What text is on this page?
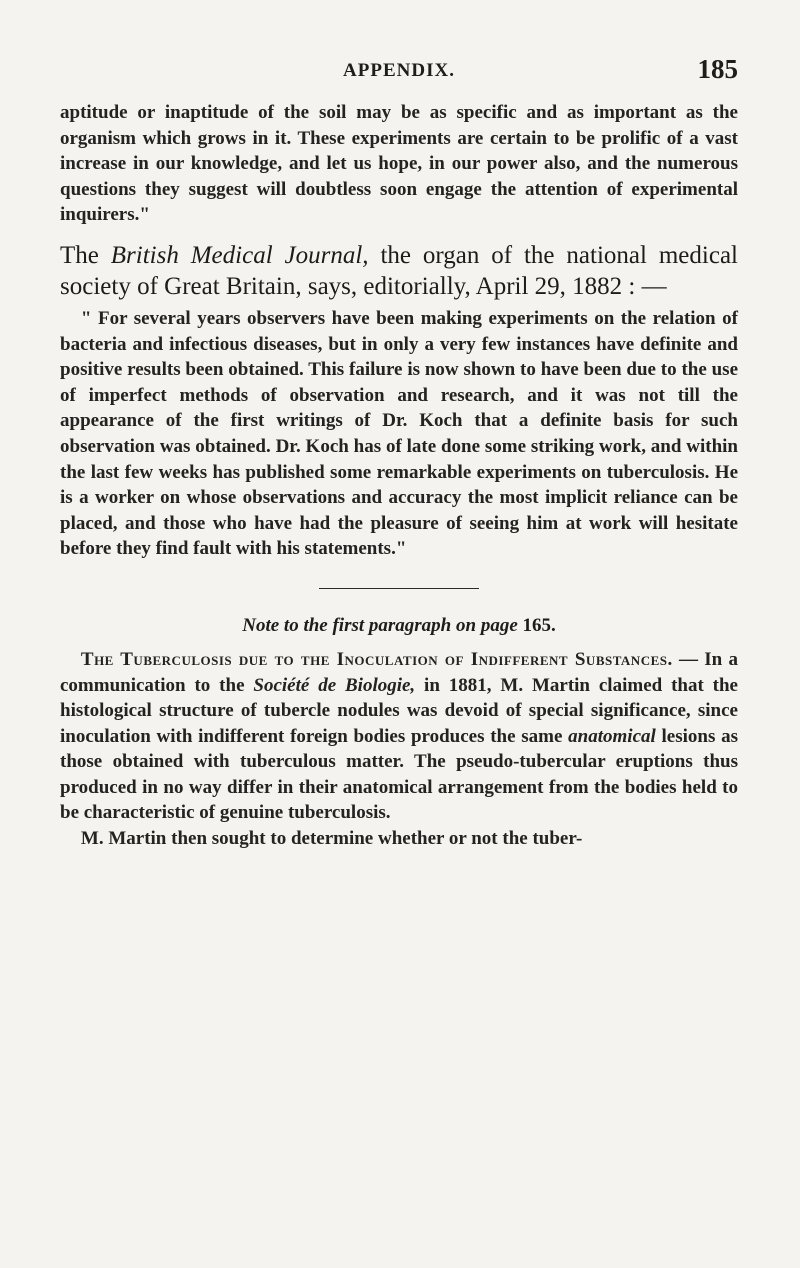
APPENDIX.	185

aptitude or inaptitude of the soil may be as specific and as important as the organism which grows in it. These experiments are certain to be prolific of a vast increase in our knowledge, and let us hope, in our power also, and the numerous questions they suggest will doubtless soon engage the attention of experimental inquirers."

The British Medical Journal, the organ of the national medical society of Great Britain, says, editorially, April 29, 1882 : —

" For several years observers have been making experiments on the relation of bacteria and infectious diseases, but in only a very few instances have definite and positive results been obtained. This failure is now shown to have been due to the use of imperfect methods of observation and research, and it was not till the appearance of the first writings of Dr. Koch that a definite basis for such observation was obtained. Dr. Koch has of late done some striking work, and within the last few weeks has published some remarkable experiments on tuberculosis. He is a worker on whose observations and accuracy the most implicit reliance can be placed, and those who have had the pleasure of seeing him at work will hesitate before they find fault with his statements."

Note to the first paragraph on page 165.

The Tuberculosis due to the Inoculation of Indifferent Substances. — In a communication to the Société de Biologie, in 1881, M. Martin claimed that the histological structure of tubercle nodules was devoid of special significance, since inoculation with indifferent foreign bodies produces the same anatomical lesions as those obtained with tuberculous matter. The pseudo-tubercular eruptions thus produced in no way differ in their anatomical arrangement from the bodies held to be characteristic of genuine tuberculosis.

M. Martin then sought to determine whether or not the tuber-
